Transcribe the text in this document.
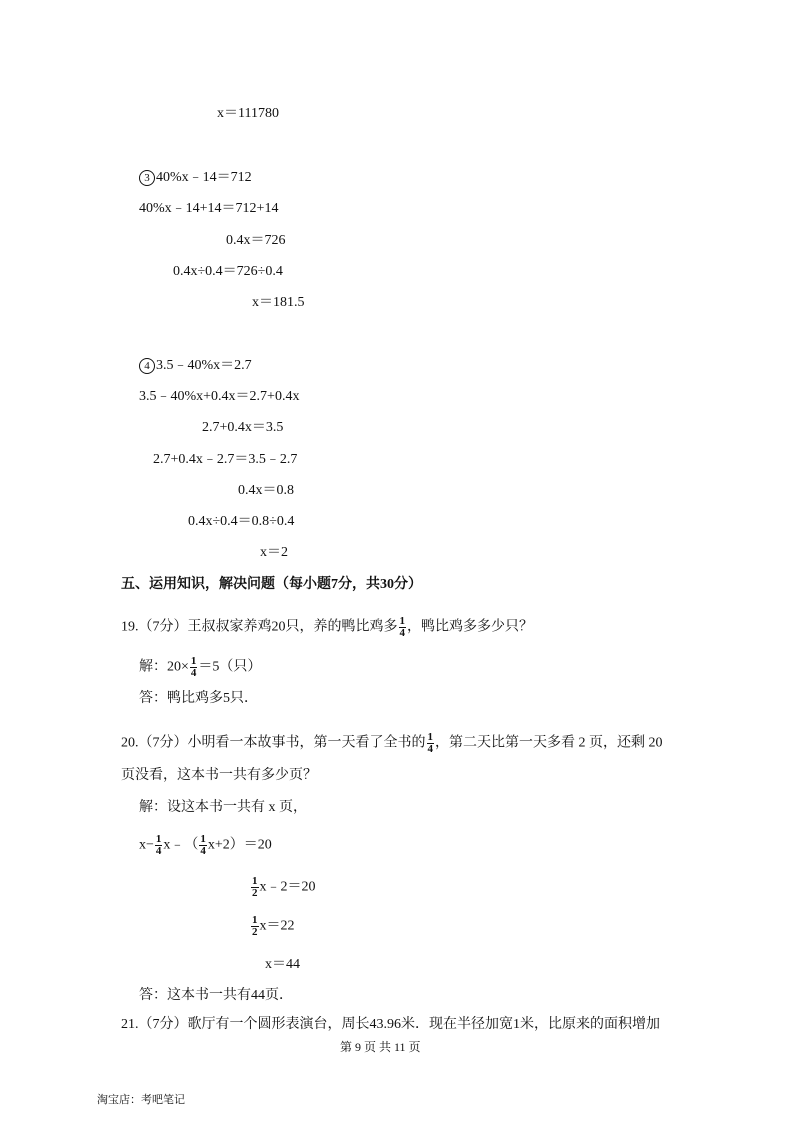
x＝111780
3 40%x﹣14＝712
40%x﹣14+14＝712+14
0.4x＝726
0.4x÷0.4＝726÷0.4
x＝181.5
4 3.5﹣40%x＝2.7
3.5﹣40%x+0.4x＝2.7+0.4x
2.7+0.4x＝3.5
2.7+0.4x﹣2.7＝3.5﹣2.7
0.4x＝0.8
0.4x÷0.4＝0.8÷0.4
x＝2
五、运用知识，解决问题（每小题7分，共30分）
19.（7分）王叔叔家养鸡20只，养的鸭比鸡多 $\frac{1}{4}$ ，鸭比鸡多多少只？
解：$20\times \frac{1}{4} =5$（只）
答：鸭比鸡多5只．
20.（7分）小明看一本故事书，第一天看了全书的 $\frac{1}{4}$ ，第二天比第一天多看 2 页，还剩 20
页没看，这本书一共有多少页？
解：设这本书一共有 x 页，
$x- \frac{1}{4}$ x﹣（ $\frac{1}{4} x+2)=20$
$\frac{1}{2}$ x﹣2＝20
$\frac{1}{2} x=22$
x＝44
答：这本书一共有44页．
21.（7分）歌厅有一个圆形表演台，周长43.96米．现在半径加宽1米，比原来的面积增加
第 9 页 共 11 页
淘宝店：考吧笔记
